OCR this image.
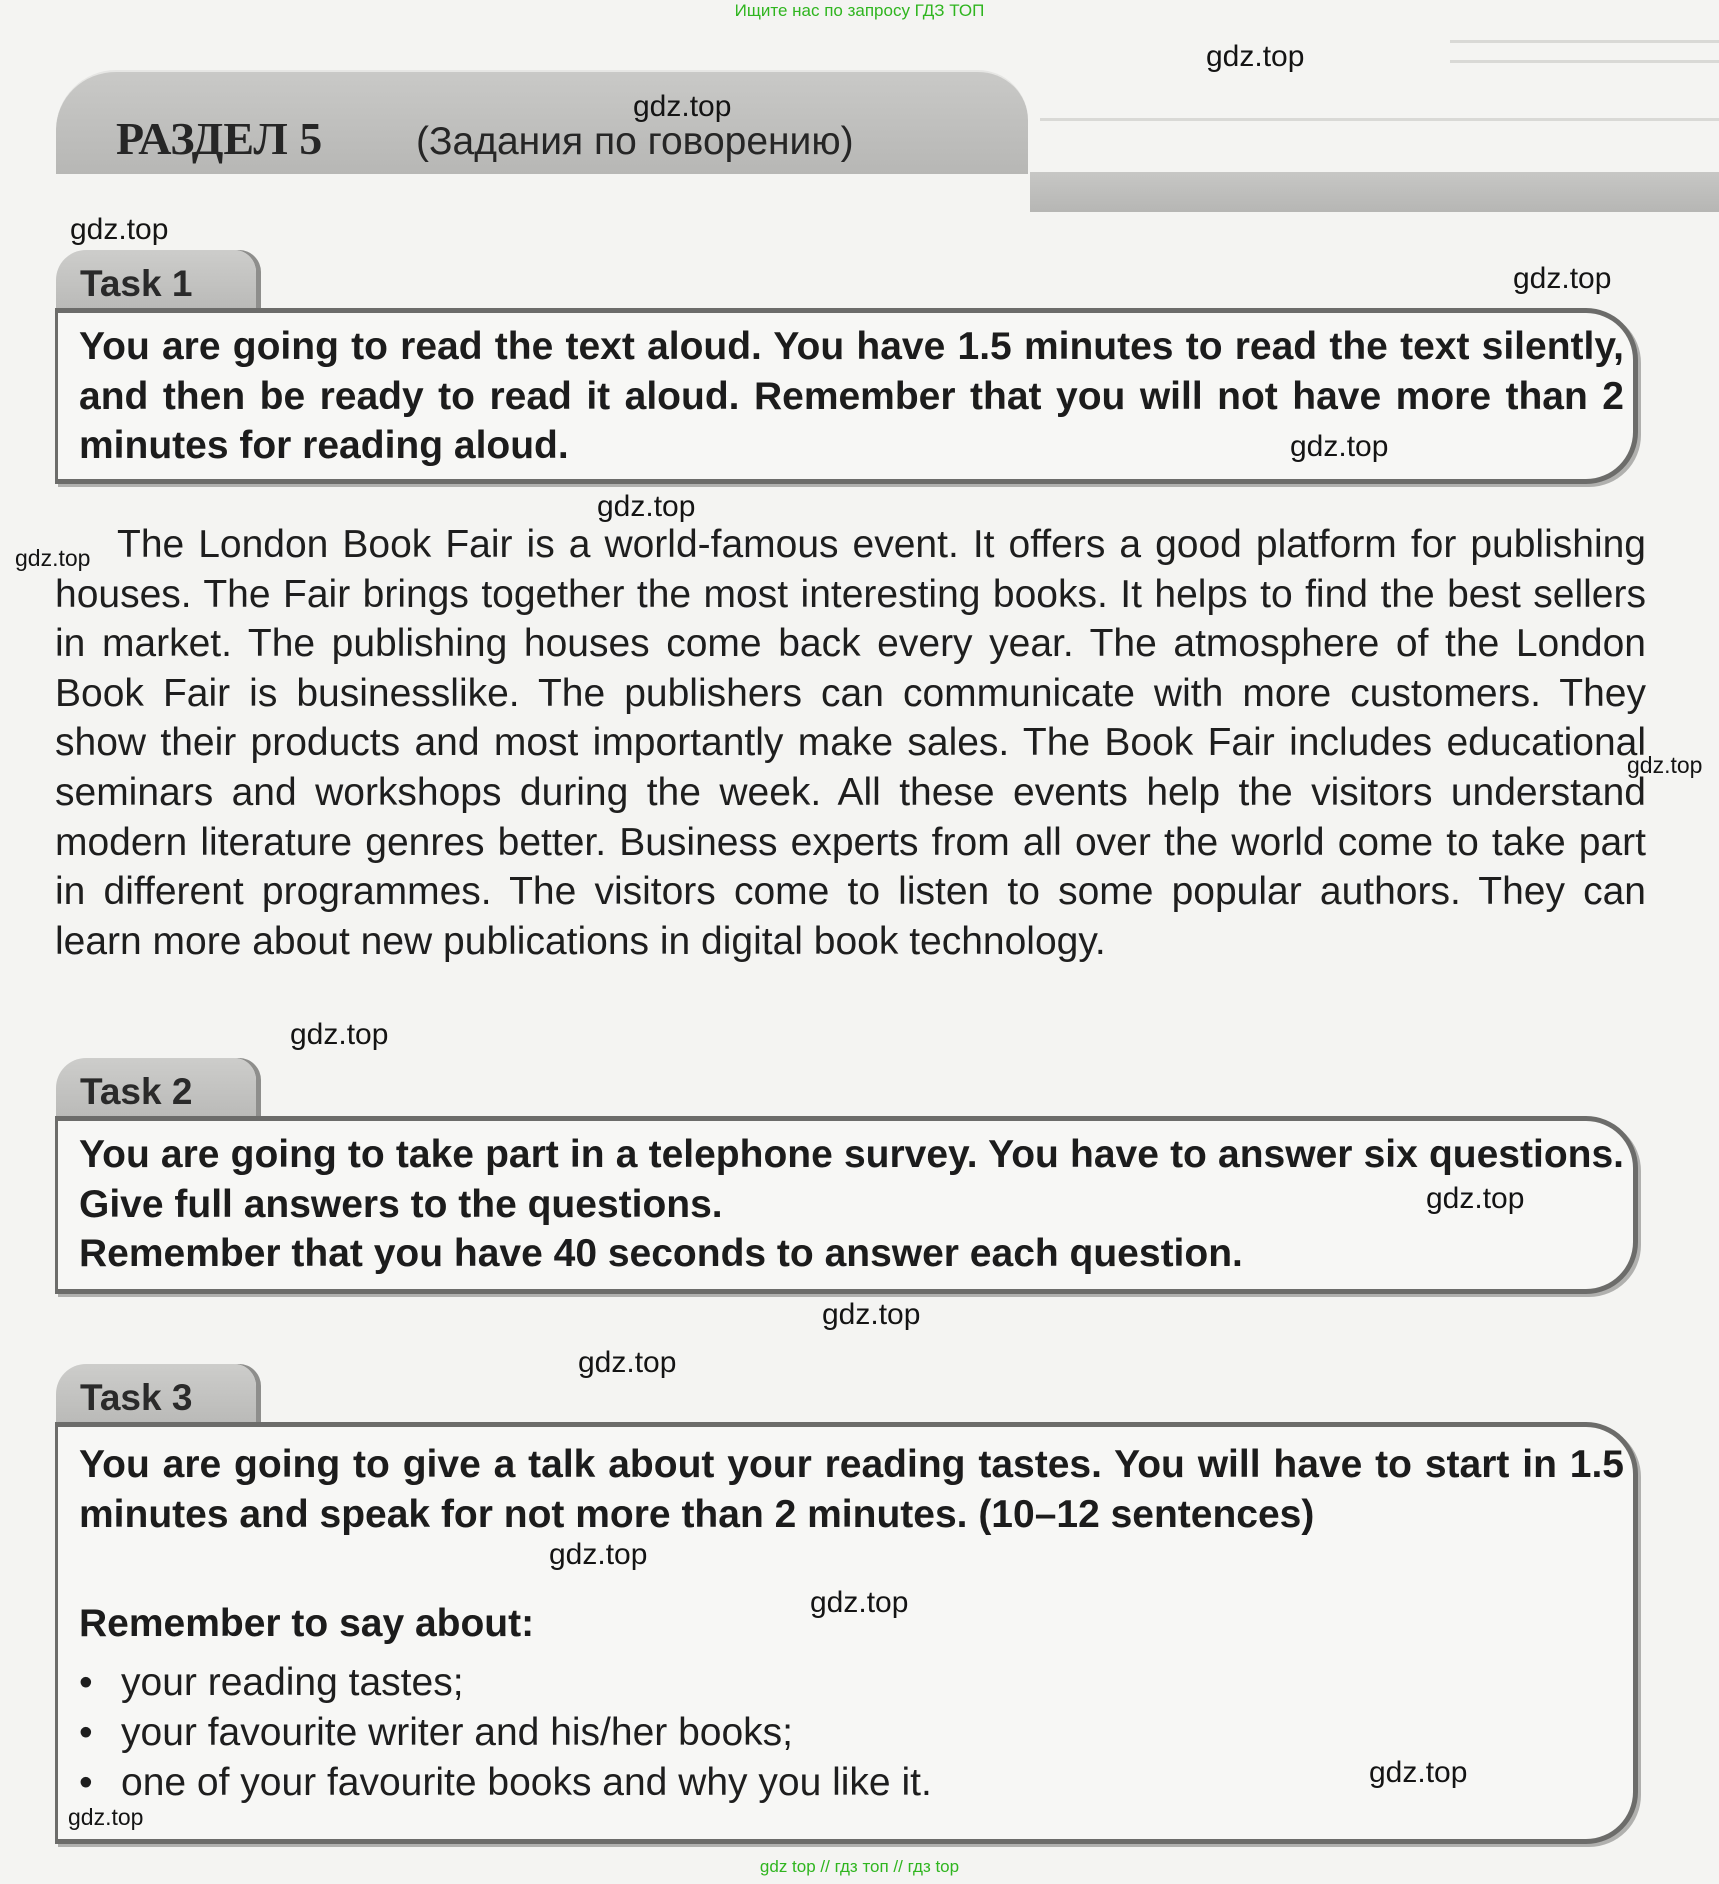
Ищите нас по запросу ГДЗ ТОП
РАЗДЕЛ 5 (Задания по говорению)
Task 1

You are going to read the text aloud. You have 1.5 minutes to read the text silently, and then be ready to read it aloud. Remember that you will not have more than 2 minutes for reading aloud.

The London Book Fair is a world-famous event. It offers a good platform for publishing houses. The Fair brings together the most interesting books. It helps to find the best sellers in market. The publishing houses come back every year. The atmosphere of the London Book Fair is businesslike. The publishers can communicate with more customers. They show their products and most importantly make sales. The Book Fair includes educational seminars and workshops during the week. All these events help the visitors understand modern literature genres better. Business experts from all over the world come to take part in different programmes. The visitors come to listen to some popular authors. They can learn more about new publications in digital book technology.

Task 2

You are going to take part in a telephone survey. You have to answer six questions. Give full answers to the questions.

Remember that you have 40 seconds to answer each question.

Task 3

You are going to give a talk about your reading tastes. You will have to start in 1.5 minutes and speak for not more than 2 minutes. (10–12 sentences)

Remember to say about:
• your reading tastes;
• your favourite writer and his/her books;
• one of your favourite books and why you like it.
gdz.top
gdz.top
gdz.top
gdz.top
gdz.top
gdz.top
gdz.top
gdz.top
gdz.top
gdz.top
gdz.top
gdz.top
gdz.top
gdz.top
gdz.top
gdz.top
gdz top // гдз топ // гдз top
